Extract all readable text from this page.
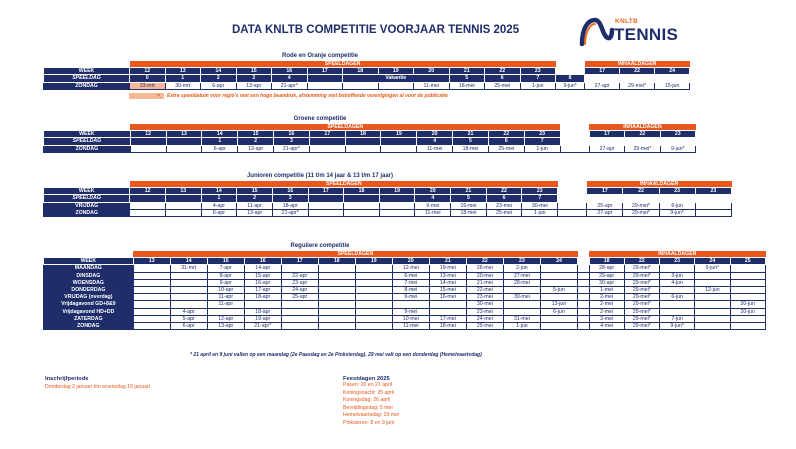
DATA KNLTB COMPETITIE VOORJAAR TENNIS 2025
KNLTB
TENNIS
Rode en Oranje competitie
	SPEELDAGEN													INHAALDAGEN		
WEEK	12	13	14	15	16	17	18	19	20	21	22	23		17	22	24
SPEELDAG	0	1	2	3	4		Vakantie			5	6	7	8			
ZONDAG	23-mrt	30-mrt	6-apr	13-apr	21-apr*				11-mei	18-mei	25-mei	1-jun	9-jun*	27-apr	29-mei*	15-jun
= Extra speeldatum voor regio's met een hoge beandruk, afstemming met betreffende verenigingen al voor de publicatie
Groene competitie
	SPEELDAGEN													INHAALDAGEN		
WEEK	12	13	14	15	16	17	18	19	20	21	22	23		17	22	23
SPEELDAG			1	2	3				4	5	6	7				
ZONDAG			6-apr	13-apr	21-apr*				11-mei	18-mei	25-mei	1-jun		27-apr	29-mei*	9-jun*
Junioren competitie (11 t/m 14 jaar & 13 t/m 17 jaar)
	SPEELDAGEN													INHAALDAGEN			
WEEK	12	13	14	15	16	17	18	19	20	21	22	23		17	22	23	23
SPEELDAG			1	2	3				4	5	6	7					
VRIJDAG			4-apr	11-apr	18-apr				9-mei	16-mei	23-mei	30-mei		25-apr	29-mei*	6-jun	
ZONDAG			6-apr	13-apr	21-apr*				11-mei	18-mei	25-mei	1-jun		27-apr	29-mei*	9-jun*	
Reguliere competitie
	SPEELDAGEN													INHAALDAGEN				
WEEK	13	14	15	16	17	18	19	20	21	22	23	24		18	22	23	24	25
MAANDAG		31-mrt	7-apr	14-apr				12-mei	19-mei	26-mei	2-jun			28-apr	29-mei*		9-jun*	
DINSDAG			8-apr	15-apr	22-apr			6-mei	13-mei	20-mei	27-mei			29-apr	29-mei*	3-jun		
WOENSDAG			9-apr	16-apr	23-apr			7-mei	14-mei	21-mei	28-mei			30-apr	29-mei*	4-jun		
DONDERDAG			10-apr	17-apr	24-apr			8-mei	15-mei	22-mei		5-jun		1-mei	29-mei*		12-jun	
VRIJDAG (overdag)			11-apr	18-apr	25-apr			9-mei	16-mei	23-mei	30-mei			2-mei	29-mei*	6-jun		
Vrijdagavond GD+8&9			11-apr							30-mei		13-jun		2-mei	29-mei*			20-jun
Vrijdagavond HD+DD		4-apr		18-apr				9-mei		23-mei		6-jun		2-mei	29-mei*			20-jun
ZATERDAG		5-apr	12-apr	19-apr				10-mei	17-mei	24-mei	31-mei			3-mei	29-mei*	7-jun		
ZONDAG		6-apr	13-apr	21-apr*				11-mei	18-mei	25-mei	1-jun			4-mei	29-mei*	9-jun*		
* 21 april en 9 juni vallen op een maandag (2e Paasdag en 2e Pinksterdag), 29 mei valt op een donderdag (Hemelvaartsdag)
Inschrijfperiode
Donderdag 2 januari t/m woensdag 15 januari
Feestdagen 2025
Pasen: 20 en 21 april
Koningsnacht: 25 april
Koningsdag: 26 april
Bevrijdingsdag: 5 mei
Hemelvaartsdag: 29 mei
Pinksteren: 8 en 9 juni
